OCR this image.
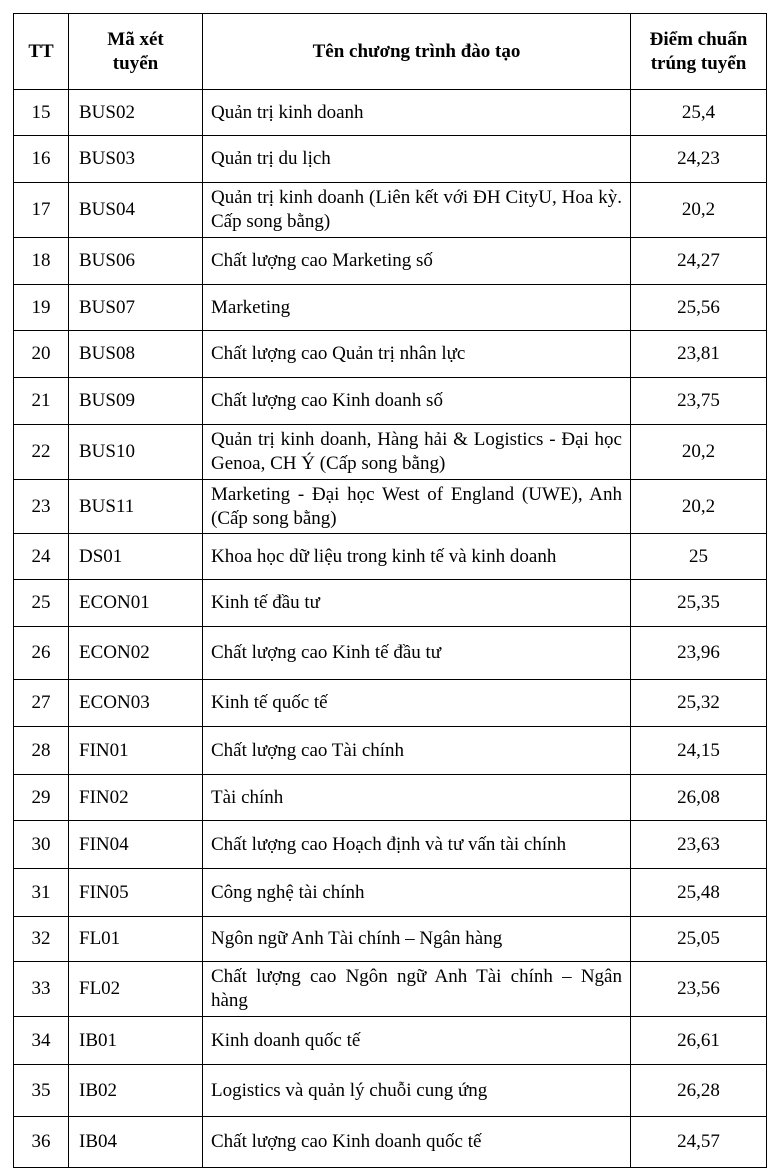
TT	Mã xét tuyển	Tên chương trình đào tạo	Điểm chuẩn trúng tuyển
15	BUS02	Quản trị kinh doanh	25,4
16	BUS03	Quản trị du lịch	24,23
17	BUS04	Quản trị kinh doanh (Liên kết với ĐH CityU, Hoa kỳ. Cấp song bằng)	20,2
18	BUS06	Chất lượng cao Marketing số	24,27
19	BUS07	Marketing	25,56
20	BUS08	Chất lượng cao Quản trị nhân lực	23,81
21	BUS09	Chất lượng cao Kinh doanh số	23,75
22	BUS10	Quản trị kinh doanh, Hàng hải & Logistics - Đại học Genoa, CH Ý (Cấp song bằng)	20,2
23	BUS11	Marketing - Đại học West of England (UWE), Anh (Cấp song bằng)	20,2
24	DS01	Khoa học dữ liệu trong kinh tế và kinh doanh	25
25	ECON01	Kinh tế đầu tư	25,35
26	ECON02	Chất lượng cao Kinh tế đầu tư	23,96
27	ECON03	Kinh tế quốc tế	25,32
28	FIN01	Chất lượng cao Tài chính	24,15
29	FIN02	Tài chính	26,08
30	FIN04	Chất lượng cao Hoạch định và tư vấn tài chính	23,63
31	FIN05	Công nghệ tài chính	25,48
32	FL01	Ngôn ngữ Anh Tài chính – Ngân hàng	25,05
33	FL02	Chất lượng cao Ngôn ngữ Anh Tài chính – Ngân hàng	23,56
34	IB01	Kinh doanh quốc tế	26,61
35	IB02	Logistics và quản lý chuỗi cung ứng	26,28
36	IB04	Chất lượng cao Kinh doanh quốc tế	24,57
